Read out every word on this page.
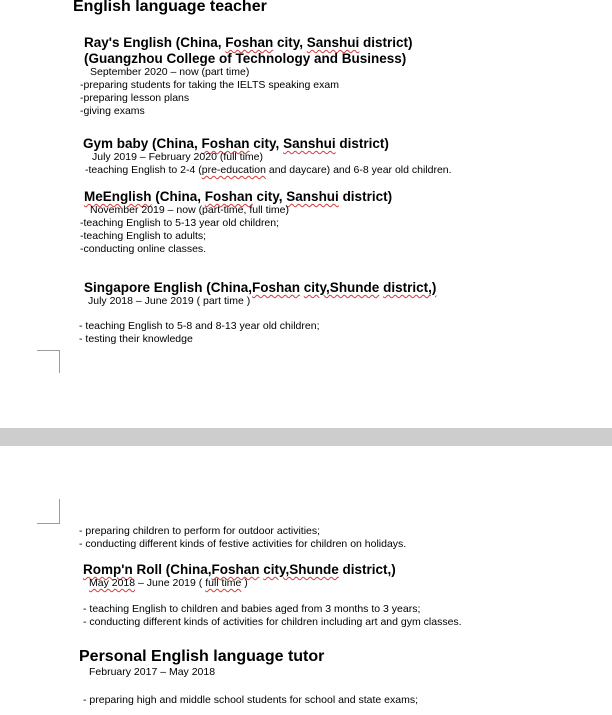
English language teacher
Ray's English (China, Foshan city, Sanshui district)
(Guangzhou College of Technology and Business)
September 2020 – now (part time)
-preparing students for taking the IELTS speaking exam
-preparing lesson plans
-giving exams
Gym baby (China, Foshan city, Sanshui district)
July 2019 – February 2020 (full time)
-teaching English to 2-4 (pre-education and daycare) and 6-8 year old children.
MeEnglish (China, Foshan city, Sanshui district)
November 2019 – now (part-time, full time)
-teaching English to 5-13 year old children;
-teaching English to adults;
-conducting online classes.
Singapore English (China,Foshan city,Shunde district,)
July 2018 – June 2019 ( part time )
- teaching English to 5-8 and 8-13 year old children;
- testing their knowledge
- preparing children to perform for outdoor activities;
- conducting different kinds of festive activities for children on holidays.
Romp'n Roll (China,Foshan city,Shunde district,)
May 2018 – June 2019 ( full time )
- teaching English to children and babies aged from 3 months to 3 years;
- conducting different kinds of activities for children including art and gym classes.
Personal English language tutor
February 2017 – May 2018
- preparing high and middle school students for school and state exams;
